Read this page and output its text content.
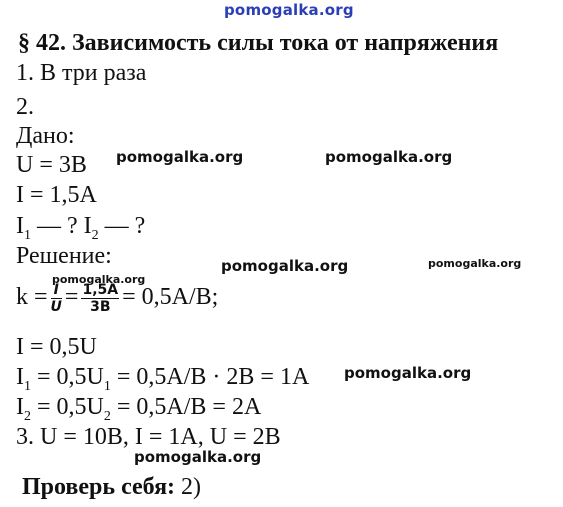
pomogalka.org
§ 42. Зависимость силы тока от напряжения
1. В три раза
2.
Дано:
U = 3В
I = 1,5A
$I_1$ — ? $I_2$ — ?
Решение:
$k = \frac{I}{U} = \frac{1,5A}{3В} = 0,5A/В$;
I = 0,5U
$I_1 = 0,5U_1 = 0,5A/В \cdot 2В = 1A$
$I_2 = 0,5U_2 = 0,5A/В = 2A$
3. U = 10В, I = 1A, U = 2В
Проверь себя: 2)
pomogalka.org	pomogalka.org
pomogalka.org	pomogalka.org
pomogalka.org
pomogalka.org
pomogalka.org
